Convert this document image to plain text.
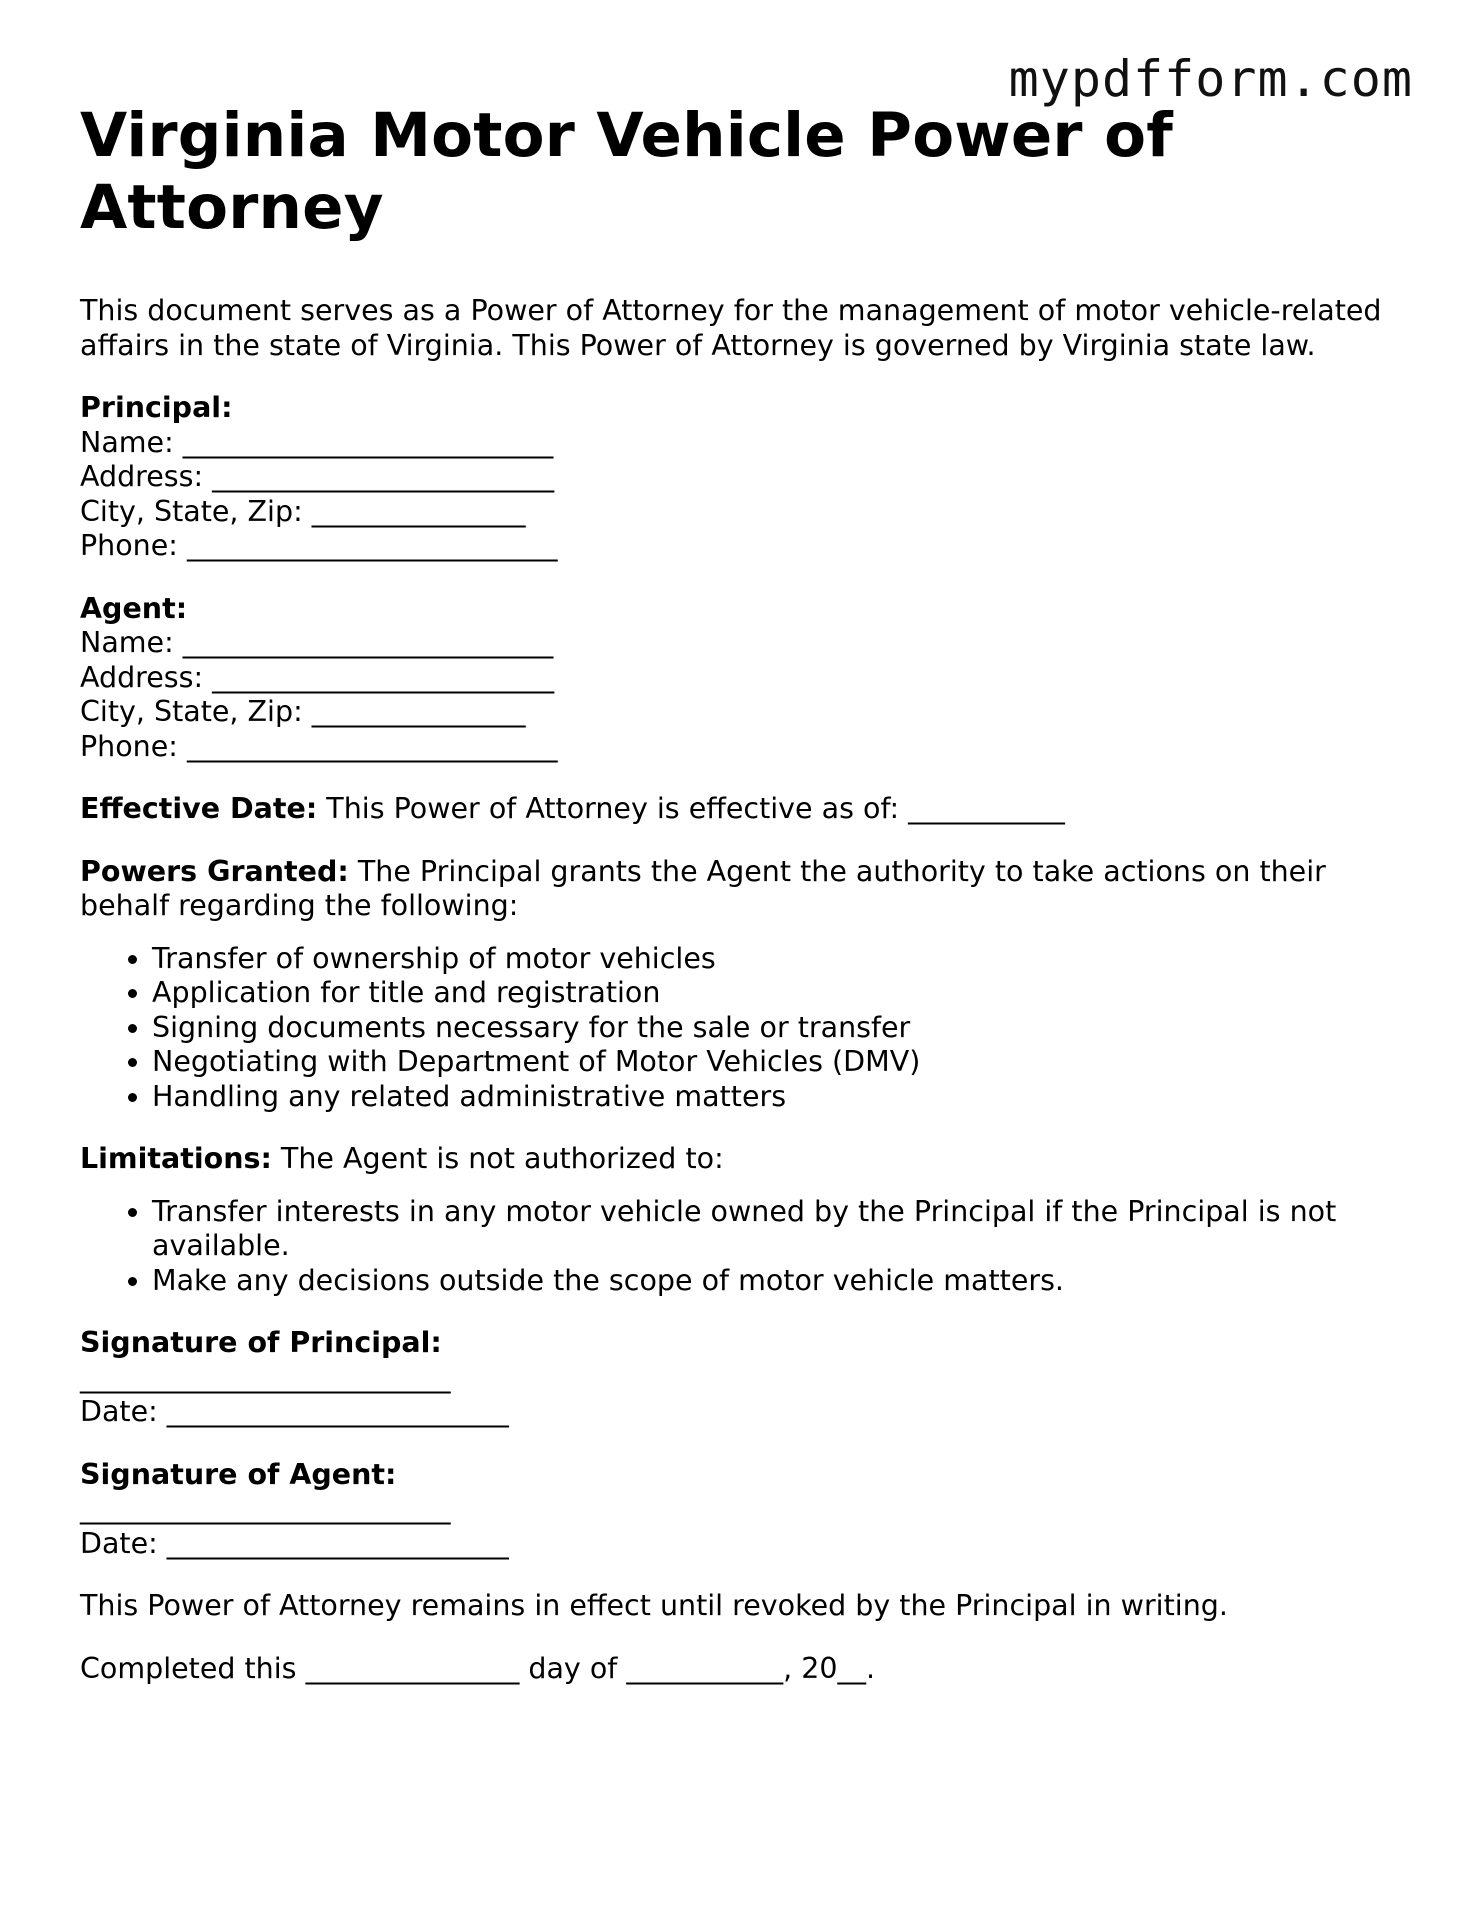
mypdfform.com
Virginia Motor Vehicle Power of Attorney

This document serves as a Power of Attorney for the management of motor vehicle-related affairs in the state of Virginia. This Power of Attorney is governed by Virginia state law.

Principal:
Name: __________________________
Address: ________________________
City, State, Zip: _______________
Phone: __________________________
Agent:
Name: __________________________
Address: ________________________
City, State, Zip: _______________
Phone: __________________________

Effective Date: This Power of Attorney is effective as of: ___________

Powers Granted: The Principal grants the Agent the authority to take actions on their behalf regarding the following:

• Transfer of ownership of motor vehicles
• Application for title and registration
• Signing documents necessary for the sale or transfer
• Negotiating with Department of Motor Vehicles (DMV)
• Handling any related administrative matters

Limitations: The Agent is not authorized to:

• Transfer interests in any motor vehicle owned by the Principal if the Principal is not available.
• Make any decisions outside the scope of motor vehicle matters.
Signature of Principal:
__________________________
Date: ________________________
Signature of Agent:
__________________________
Date: ________________________

This Power of Attorney remains in effect until revoked by the Principal in writing.

Completed this _______________ day of ___________, 20__.
